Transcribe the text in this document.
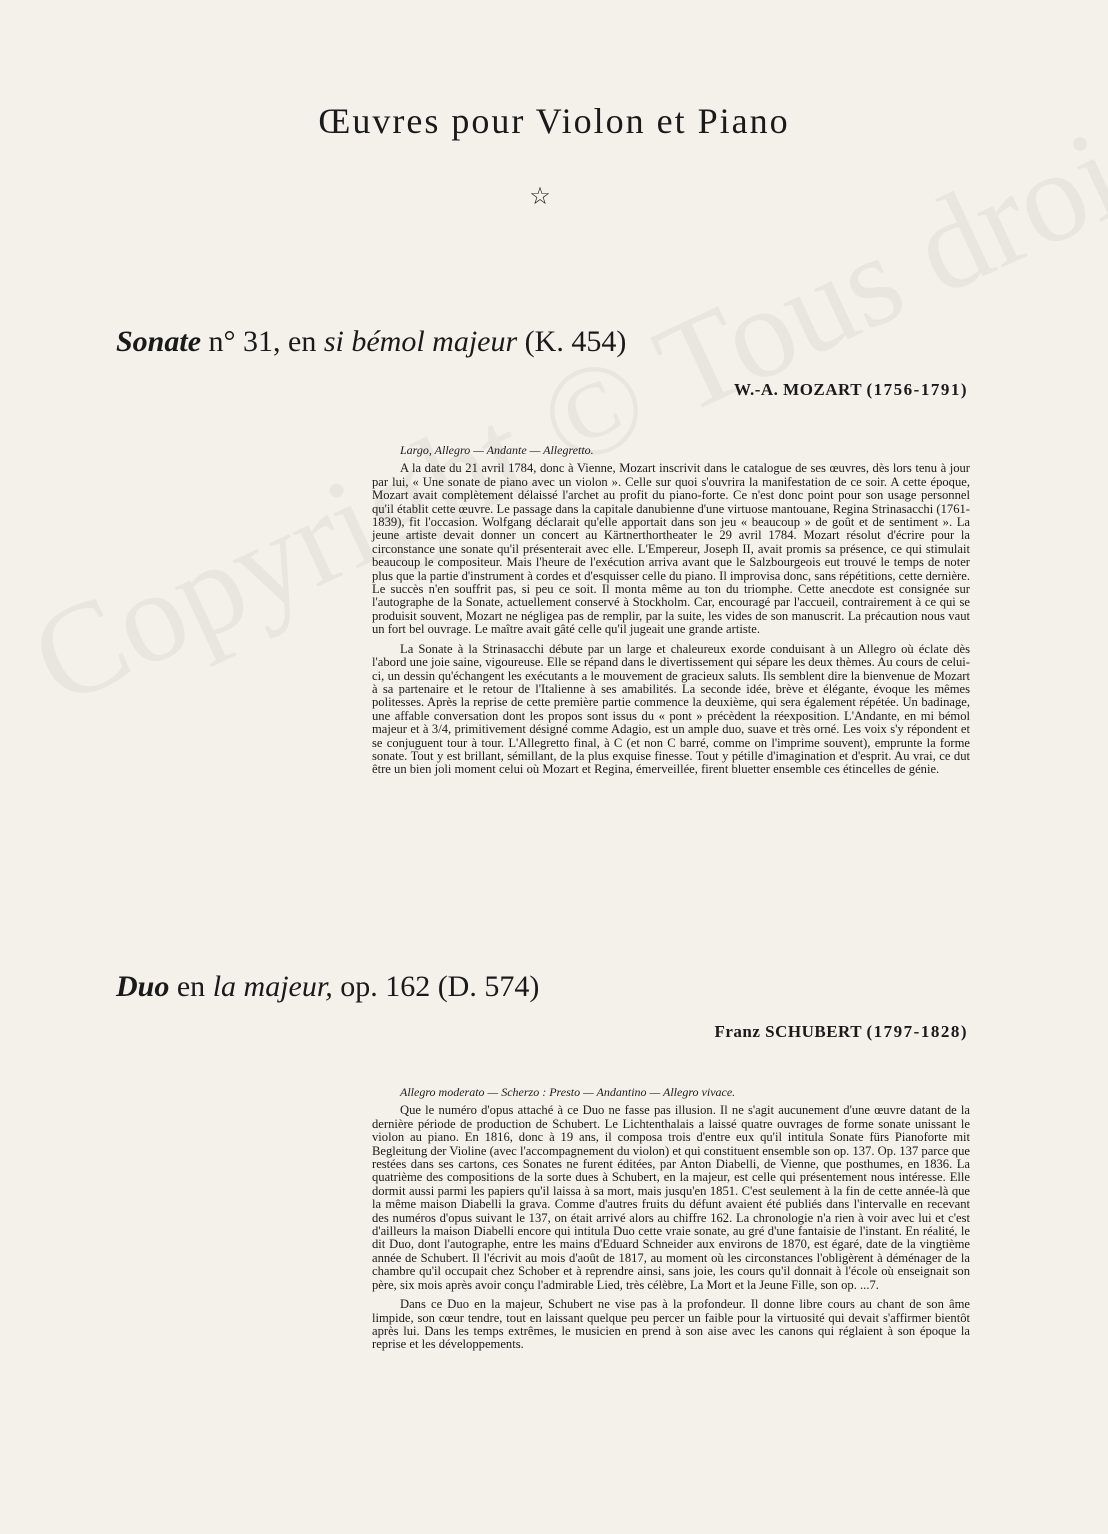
Œuvres pour Violon et Piano
☆
Sonate n° 31, en si bémol majeur (K. 454)
W.-A. MOZART (1756-1791)
Largo, Allegro — Andante — Allegretto.

A la date du 21 avril 1784, donc à Vienne, Mozart inscrivit dans le catalogue de ses œuvres, dès lors tenu à jour par lui, « Une sonate de piano avec un violon ». Celle sur quoi s'ouvrira la manifestation de ce soir. A cette époque, Mozart avait complètement délaissé l'archet au profit du piano-forte. Ce n'est donc point pour son usage personnel qu'il établit cette œuvre. Le passage dans la capitale danubienne d'une virtuose mantouane, Regina Strinasacchi (1761-1839), fit l'occasion. Wolfgang déclarait qu'elle apportait dans son jeu « beaucoup » de goût et de sentiment ». La jeune artiste devait donner un concert au Kärtnerthortheater le 29 avril 1784. Mozart résolut d'écrire pour la circonstance une sonate qu'il présenterait avec elle. L'Empereur, Joseph II, avait promis sa présence, ce qui stimulait beaucoup le compositeur. Mais l'heure de l'exécution arriva avant que le Salzbourgeois eut trouvé le temps de noter plus que la partie d'instrument à cordes et d'esquisser celle du piano. Il improvisa donc, sans répétitions, cette dernière. Le succès n'en souffrit pas, si peu ce soit. Il monta même au ton du triomphe. Cette anecdote est consignée sur l'autographe de la Sonate, actuellement conservé à Stockholm. Car, encouragé par l'accueil, contrairement à ce qui se produisit souvent, Mozart ne négligea pas de remplir, par la suite, les vides de son manuscrit. La précaution nous vaut un fort bel ouvrage. Le maître avait gâté celle qu'il jugeait une grande artiste.

La Sonate à la Strinasacchi débute par un large et chaleureux exorde conduisant à un Allegro où éclate dès l'abord une joie saine, vigoureuse. Elle se répand dans le divertissement qui sépare les deux thèmes. Au cours de celui-ci, un dessin qu'échangent les exécutants a le mouvement de gracieux saluts. Ils semblent dire la bienvenue de Mozart à sa partenaire et le retour de l'Italienne à ses amabilités. La seconde idée, brève et élégante, évoque les mêmes politesses. Après la reprise de cette première partie commence la deuxième, qui sera également répétée. Un badinage, une affable conversation dont les propos sont issus du « pont » précèdent la réexposition. L'Andante, en mi bémol majeur et à 3/4, primitivement désigné comme Adagio, est un ample duo, suave et très orné. Les voix s'y répondent et se conjuguent tour à tour. L'Allegretto final, à C (et non C barré, comme on l'imprime souvent), emprunte la forme sonate. Tout y est brillant, sémillant, de la plus exquise finesse. Tout y pétille d'imagination et d'esprit. Au vrai, ce dut être un bien joli moment celui où Mozart et Regina, émerveillée, firent bluetter ensemble ces étincelles de génie.

Duo en la majeur, op. 162 (D. 574)
Franz SCHUBERT (1797-1828)
Allegro moderato — Scherzo : Presto — Andantino — Allegro vivace.

Que le numéro d'opus attaché à ce Duo ne fasse pas illusion. Il ne s'agit aucunement d'une œuvre datant de la dernière période de production de Schubert. Le Lichtenthalais a laissé quatre ouvrages de forme sonate unissant le violon au piano. En 1816, donc à 19 ans, il composa trois d'entre eux qu'il intitula Sonate fürs Pianoforte mit Begleitung der Violine (avec l'accompagnement du violon) et qui constituent ensemble son op. 137. Op. 137 parce que restées dans ses cartons, ces Sonates ne furent éditées, par Anton Diabelli, de Vienne, que posthumes, en 1836. La quatrième des compositions de la sorte dues à Schubert, en la majeur, est celle qui présentement nous intéresse. Elle dormit aussi parmi les papiers qu'il laissa à sa mort, mais jusqu'en 1851. C'est seulement à la fin de cette année-là que la même maison Diabelli la grava. Comme d'autres fruits du défunt avaient été publiés dans l'intervalle en recevant des numéros d'opus suivant le 137, on était arrivé alors au chiffre 162. La chronologie n'a rien à voir avec lui et c'est d'ailleurs la maison Diabelli encore qui intitula Duo cette vraie sonate, au gré d'une fantaisie de l'instant. En réalité, le dit Duo, dont l'autographe, entre les mains d'Eduard Schneider aux environs de 1870, est égaré, date de la vingtième année de Schubert. Il l'écrivit au mois d'août de 1817, au moment où les circonstances l'obligèrent à déménager de la chambre qu'il occupait chez Schober et à reprendre ainsi, sans joie, les cours qu'il donnait à l'école où enseignait son père, six mois après avoir conçu l'admirable Lied, très célèbre, La Mort et la Jeune Fille, son op. ...7.

Dans ce Duo en la majeur, Schubert ne vise pas à la profondeur. Il donne libre cours au chant de son âme limpide, son cœur tendre, tout en laissant quelque peu percer un faible pour la virtuosité qui devait s'affirmer bientôt après lui. Dans les temps extrêmes, le musicien en prend à son aise avec les canons qui réglaient à son époque la reprise et les développements.
